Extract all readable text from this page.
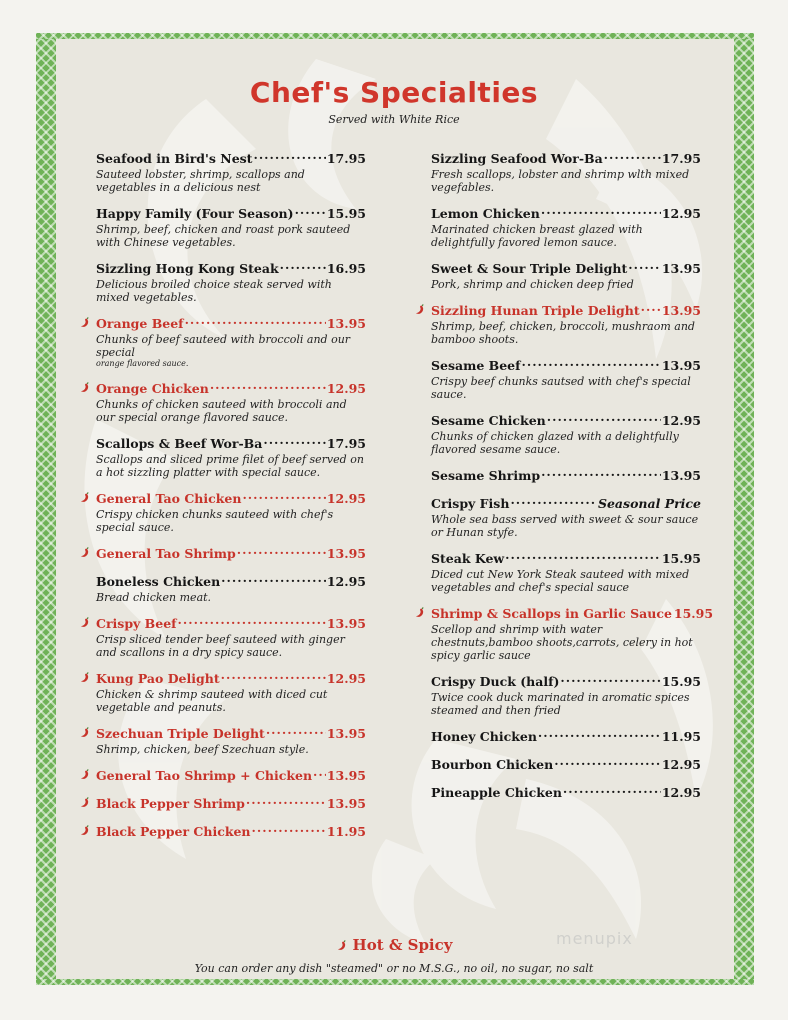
Chef's Specialties
Served with White Rice
Seafood in Bird's Nest .....	17.95
Sauteed lobster, shrimp, scallops and vegetables in a delicious nest
Happy Family (Four Season) .....	15.95
Shrimp, beef, chicken and roast pork sauteed with Chinese vegetables.
Sizzling Hong Kong Steak .....	16.95
Delicious broiled choice steak served with mixed vegetables.
Orange Beef .....	13.95
Chunks of beef sauteed with broccoli and our special
orange flavored sauce.
Orange Chicken .....	12.95
Chunks of chicken sauteed with broccoli and our special orange flavored sauce.
Scallops & Beef Wor-Ba .....	17.95
Scallops and sliced prime filet of beef served on a hot sizzling platter with special sauce.
General Tao Chicken .....	12.95
Crispy chicken chunks sauteed with chef's special sauce.
General Tao Shrimp .....	13.95
Boneless Chicken .....	12.95
Bread chicken meat.
Crispy Beef .....	13.95
Crisp sliced tender beef sauteed with ginger and scallons in a dry spicy sauce.
Kung Pao Delight .....	12.95
Chicken & shrimp sauteed with diced cut vegetable and peanuts.
Szechuan Triple Delight .....	13.95
Shrimp, chicken, beef Szechuan style.
General Tao Shrimp + Chicken ..... 13.95
Black Pepper Shrimp .....	13.95
Black Pepper Chicken .....	11.95
Sizzling Seafood Wor-Ba .....	17.95
Fresh scallops, lobster and shrimp wlth mixed vegefables.
Lemon Chicken .....	12.95
Marinated chicken breast glazed with delightfully favored lemon sauce.
Sweet & Sour Triple Delight .....	13.95
Pork, shrimp and chicken deep fried
Sizzling Hunan Triple Delight ..... 13.95
Shrimp, beef, chicken, broccoli, mushraom and bamboo shoots.
Sesame Beef .....	13.95
Crispy beef chunks sautsed with chef's special sauce.
Sesame Chicken .....	12.95
Chunks of chicken glazed with a delightfully flavored sesame sauce.
Sesame Shrimp .....	13.95
Crispy Fish .....	Seasonal Price
Whole sea bass served with sweet & sour sauce or Hunan styfe.
Steak Kew .....	15.95
Diced cut New York Steak sauteed with mixed vegetables and chef's special sauce
Shrimp & Scallops in Garlic Sauce 15.95
Scellop and shrimp with water chestnuts,bamboo shoots,carrots, celery in hot spicy garlic sauce
Crispy Duck (half) .....	15.95
Twice cook duck marinated in aromatic spices steamed and then fried
Honey Chicken .....	11.95
Bourbon Chicken .....	12.95
Pineapple Chicken .....	12.95
Hot & Spicy
You can order any dish "steamed" or no M.S.G., no oil, no sugar, no salt
menupix
